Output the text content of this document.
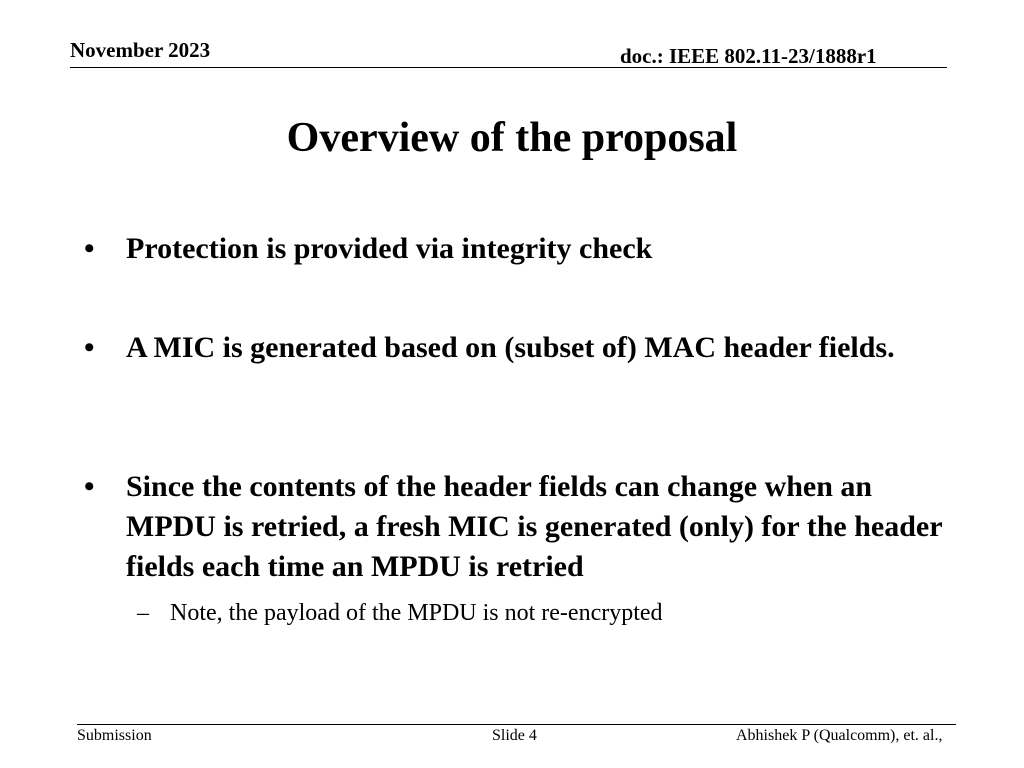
November 2023	doc.: IEEE 802.11-23/1888r1
Overview of the proposal
•	Protection is provided via integrity check
•	A MIC is generated based on (subset of) MAC header fields.
•	Since the contents of the header fields can change when an MPDU is retried, a fresh MIC is generated (only) for the header fields each time an MPDU is retried
– Note, the payload of the MPDU is not re-encrypted
Submission	Slide 4	Abhishek P (Qualcomm), et. al.,
